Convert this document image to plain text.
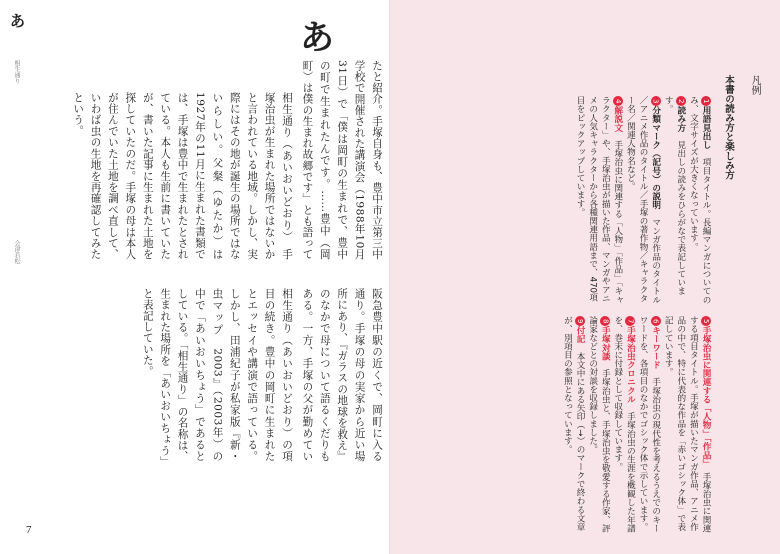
あ
相生通り
会津若松
あ
相生通り（あいおいどおり）　手塚治虫が生まれた場所ではないかと言われている地域。しかし、実際にはその地が誕生の場所ではないらしい。父粲（ゆたか）は1927年の11月に生まれた書類では、手塚は豊中で生まれたとされている。本人も生前に書いていたが、書いた記事に生まれた土地を探していたのだ。手塚の母は本人が住んでいた土地を調べ直して、いわば虫の生地を再確認してみたという。
相生通り（あいおいどおり）の項目の続き。豊中の岡町に生まれたとエッセイや講演で語っている。しかし、田浦紀子が私家版『新・虫マップ　2003』（2003年）の中で「あいおいちょう」であるとしている。「相生通り」の名称は、生まれた場所を「あいおいちょう」と表記していた。
たと紹介。手塚自身も、豊中市立第三中学校で開催された講演会（1988年10月31日）で「僕は岡町の生まれで、豊中の町で生まれたんです。……豊中（岡町）は僕の生まれ故郷です」とも語って
阪急豊中駅の近くで、岡町に入る通り。手塚の母の実家から近い場所にあり、『ガラスの地球を救え』のなかで母について語るくだりもある。一方、手塚の父が勤めてい
7
凡例
本書の読み方と楽しみ方
1用語見出し　項目タイトル。長編マンガについてのみ、文字サイズが大きくなっています。
2読み方　見出しの読みをひらがなで表記しています。
3分類マーク（記号）の説明　マンガ作品のタイトル／アニメ作品のタイトル／手塚の著作物／キャラクター名／関連人物名など。
4解説文　手塚治虫に関連する「人物」「作品」「キャラクター」や、手塚治虫が描いた作品、マンガやアニメの人気キャラクターから各種関連用語まで、470項目をピックアップしています。
5手塚治虫に関連する「人物」「作品」　手塚治虫に関連する項目タイトル。手塚が描いたマンガ作品、アニメ作品の中で、特に代表的な作品を「赤いゴシック体」で表記しています。
6キーワード　手塚治虫の現代性を考えるうえでのキーワードを、各項目のなかでゴシック体で示しています。
7手塚治虫クロニクル　手塚治虫の生涯を概観した年譜を、巻末に付録として収録しています。
8手塚対談　手塚治虫と、手塚治虫を敬愛する作家、評論家などとの対談を収録しました。
9付記　本文中にある矢印（→）のマークで終わる文章が、別項目の参照となっています。
